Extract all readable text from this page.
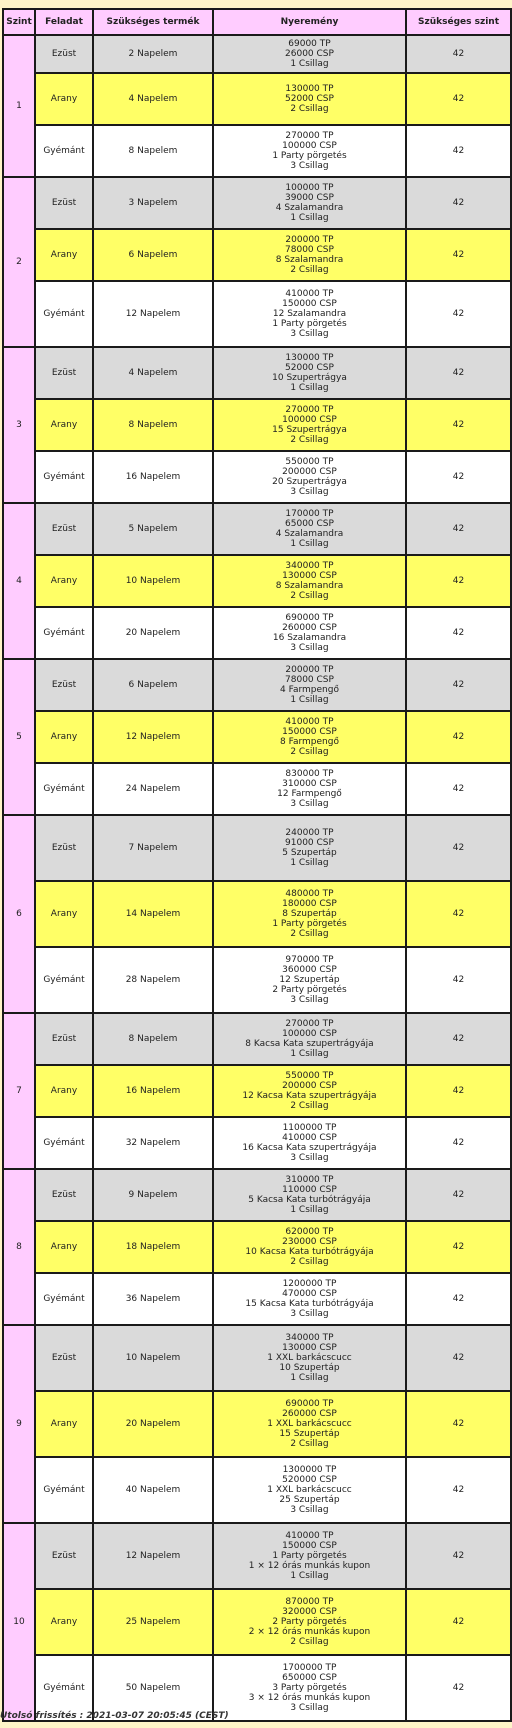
Szint	Feladat	Szükséges termék	Nyeremény	Szükséges szint
1	Ezüst	2 Napelem	69000 TP
26000 CSP
1 Csillag	42
	Arany	4 Napelem	130000 TP
52000 CSP
2 Csillag	42
	Gyémánt	8 Napelem	270000 TP
100000 CSP
1 Party pörgetés
3 Csillag	42
2	Ezüst	3 Napelem	100000 TP
39000 CSP
4 Szalamandra
1 Csillag	42
	Arany	6 Napelem	200000 TP
78000 CSP
8 Szalamandra
2 Csillag	42
	Gyémánt	12 Napelem	410000 TP
150000 CSP
12 Szalamandra
1 Party pörgetés
3 Csillag	42
3	Ezüst	4 Napelem	130000 TP
52000 CSP
10 Szupertrágya
1 Csillag	42
	Arany	8 Napelem	270000 TP
100000 CSP
15 Szupertrágya
2 Csillag	42
	Gyémánt	16 Napelem	550000 TP
200000 CSP
20 Szupertrágya
3 Csillag	42
4	Ezüst	5 Napelem	170000 TP
65000 CSP
4 Szalamandra
1 Csillag	42
	Arany	10 Napelem	340000 TP
130000 CSP
8 Szalamandra
2 Csillag	42
	Gyémánt	20 Napelem	690000 TP
260000 CSP
16 Szalamandra
3 Csillag	42
5	Ezüst	6 Napelem	200000 TP
78000 CSP
4 Farmpengő
1 Csillag	42
	Arany	12 Napelem	410000 TP
150000 CSP
8 Farmpengő
2 Csillag	42
	Gyémánt	24 Napelem	830000 TP
310000 CSP
12 Farmpengő
3 Csillag	42
6	Ezüst	7 Napelem	240000 TP
91000 CSP
5 Szupertáp
1 Csillag	42
	Arany	14 Napelem	480000 TP
180000 CSP
8 Szupertáp
1 Party pörgetés
2 Csillag	42
	Gyémánt	28 Napelem	970000 TP
360000 CSP
12 Szupertáp
2 Party pörgetés
3 Csillag	42
7	Ezüst	8 Napelem	270000 TP
100000 CSP
8 Kacsa Kata szupertrágyája
1 Csillag	42
	Arany	16 Napelem	550000 TP
200000 CSP
12 Kacsa Kata szupertrágyája
2 Csillag	42
	Gyémánt	32 Napelem	1100000 TP
410000 CSP
16 Kacsa Kata szupertrágyája
3 Csillag	42
8	Ezüst	9 Napelem	310000 TP
110000 CSP
5 Kacsa Kata turbótrágyája
1 Csillag	42
	Arany	18 Napelem	620000 TP
230000 CSP
10 Kacsa Kata turbótrágyája
2 Csillag	42
	Gyémánt	36 Napelem	1200000 TP
470000 CSP
15 Kacsa Kata turbótrágyája
3 Csillag	42
9	Ezüst	10 Napelem	340000 TP
130000 CSP
1 XXL barkácscucc
10 Szupertáp
1 Csillag	42
	Arany	20 Napelem	690000 TP
260000 CSP
1 XXL barkácscucc
15 Szupertáp
2 Csillag	42
	Gyémánt	40 Napelem	1300000 TP
520000 CSP
1 XXL barkácscucc
25 Szupertáp
3 Csillag	42
10	Ezüst	12 Napelem	410000 TP
150000 CSP
1 Party pörgetés
1 × 12 órás munkás kupon
1 Csillag	42
	Arany	25 Napelem	870000 TP
320000 CSP
2 Party pörgetés
2 × 12 órás munkás kupon
2 Csillag	42
	Gyémánt	50 Napelem	1700000 TP
650000 CSP
3 Party pörgetés
3 × 12 órás munkás kupon
3 Csillag	42
Utolsó frissítés : 2021-03-07 20:05:45 (CEST)
